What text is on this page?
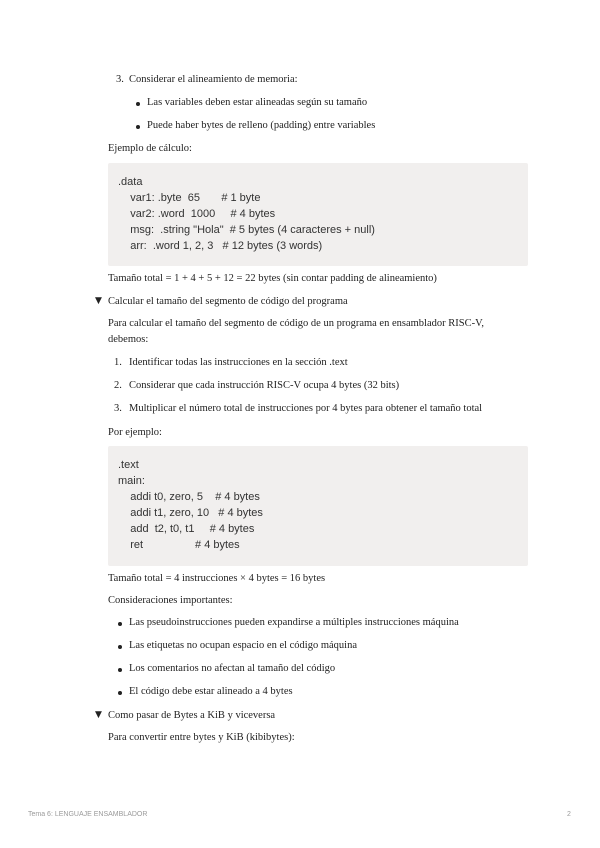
3. Considerar el alineamiento de memoria:
Las variables deben estar alineadas según su tamaño
Puede haber bytes de relleno (padding) entre variables
Ejemplo de cálculo:
.data
var1: .byte  65       # 1 byte
var2: .word  1000     # 4 bytes
msg:  .string "Hola"  # 5 bytes (4 caracteres + null)
arr:  .word 1, 2, 3   # 12 bytes (3 words)
Tamaño total = 1 + 4 + 5 + 12 = 22 bytes (sin contar padding de alineamiento)
▼ Calcular el tamaño del segmento de código del programa
Para calcular el tamaño del segmento de código de un programa en ensamblador RISC-V,
debemos:
1. Identificar todas las instrucciones en la sección .text
2. Considerar que cada instrucción RISC-V ocupa 4 bytes (32 bits)
3. Multiplicar el número total de instrucciones por 4 bytes para obtener el tamaño total
Por ejemplo:
.text
main:
addi t0, zero, 5    # 4 bytes
addi t1, zero, 10   # 4 bytes
add  t2, t0, t1     # 4 bytes
ret                 # 4 bytes
Tamaño total = 4 instrucciones × 4 bytes = 16 bytes
Consideraciones importantes:
Las pseudoinstrucciones pueden expandirse a múltiples instrucciones máquina
Las etiquetas no ocupan espacio en el código máquina
Los comentarios no afectan al tamaño del código
El código debe estar alineado a 4 bytes
▼ Como pasar de Bytes a KiB y viceversa
Para convertir entre bytes y KiB (kibibytes):
Tema 6: LENGUAJE ENSAMBLADOR	2
